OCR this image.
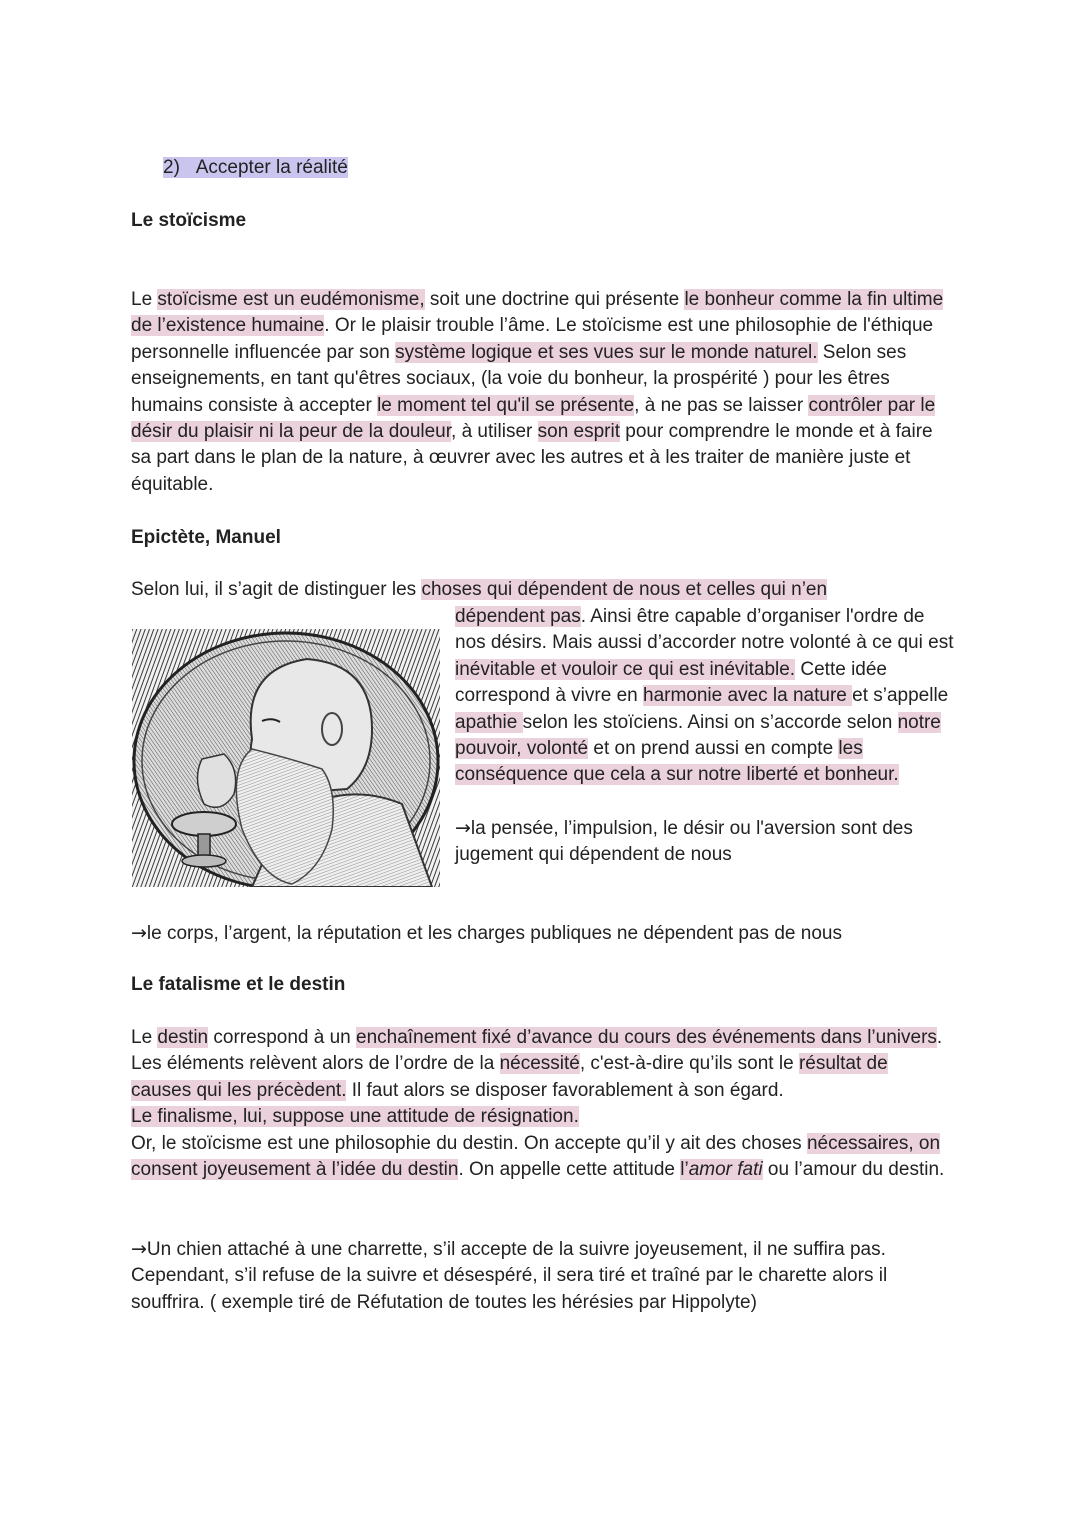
2) Accepter la réalité
Le stoïcisme

Le stoïcisme est un eudémonisme, soit une doctrine qui présente le bonheur comme la fin ultime de l’existence humaine. Or le plaisir trouble l’âme. Le stoïcisme est une philosophie de l'éthique personnelle influencée par son système logique et ses vues sur le monde naturel. Selon ses enseignements, en tant qu'êtres sociaux, (la voie du bonheur, la prospérité ) pour les êtres humains consiste à accepter le moment tel qu'il se présente, à ne pas se laisser contrôler par le désir du plaisir ni la peur de la douleur, à utiliser son esprit pour comprendre le monde et à faire sa part dans le plan de la nature, à œuvrer avec les autres et à les traiter de manière juste et équitable.

Epictète, Manuel

Selon lui, il s’agit de distinguer les choses qui dépendent de nous et celles qui n’en

dépendent pas. Ainsi être capable d’organiser l'ordre de nos désirs. Mais aussi d’accorder notre volonté à ce qui est inévitable et vouloir ce qui est inévitable. Cette idée correspond à vivre en harmonie avec la nature et s’appelle apathie selon les stoïciens. Ainsi on s’accorde selon notre pouvoir, volonté et on prend aussi en compte les conséquence que cela a sur notre liberté et bonheur.

→la pensée, l’impulsion, le désir ou l'aversion sont des jugement qui dépendent de nous

→le corps, l’argent, la réputation et les charges publiques ne dépendent pas de nous

Le fatalisme et le destin

Le destin correspond à un enchaînement fixé d’avance du cours des événements dans l’univers. Les éléments relèvent alors de l’ordre de la nécessité, c'est-à-dire qu’ils sont le résultat de causes qui les précèdent. Il faut alors se disposer favorablement à son égard.

Le finalisme, lui, suppose une attitude de résignation.

Or, le stoïcisme est une philosophie du destin. On accepte qu’il y ait des choses nécessaires, on consent joyeusement à l’idée du destin. On appelle cette attitude l’amor fati ou l’amour du destin.

→Un chien attaché à une charrette, s’il accepte de la suivre joyeusement, il ne suffira pas. Cependant, s’il refuse de la suivre et désespéré, il sera tiré et traîné par le charette alors il souffrira. ( exemple tiré de Réfutation de toutes les hérésies par Hippolyte)
